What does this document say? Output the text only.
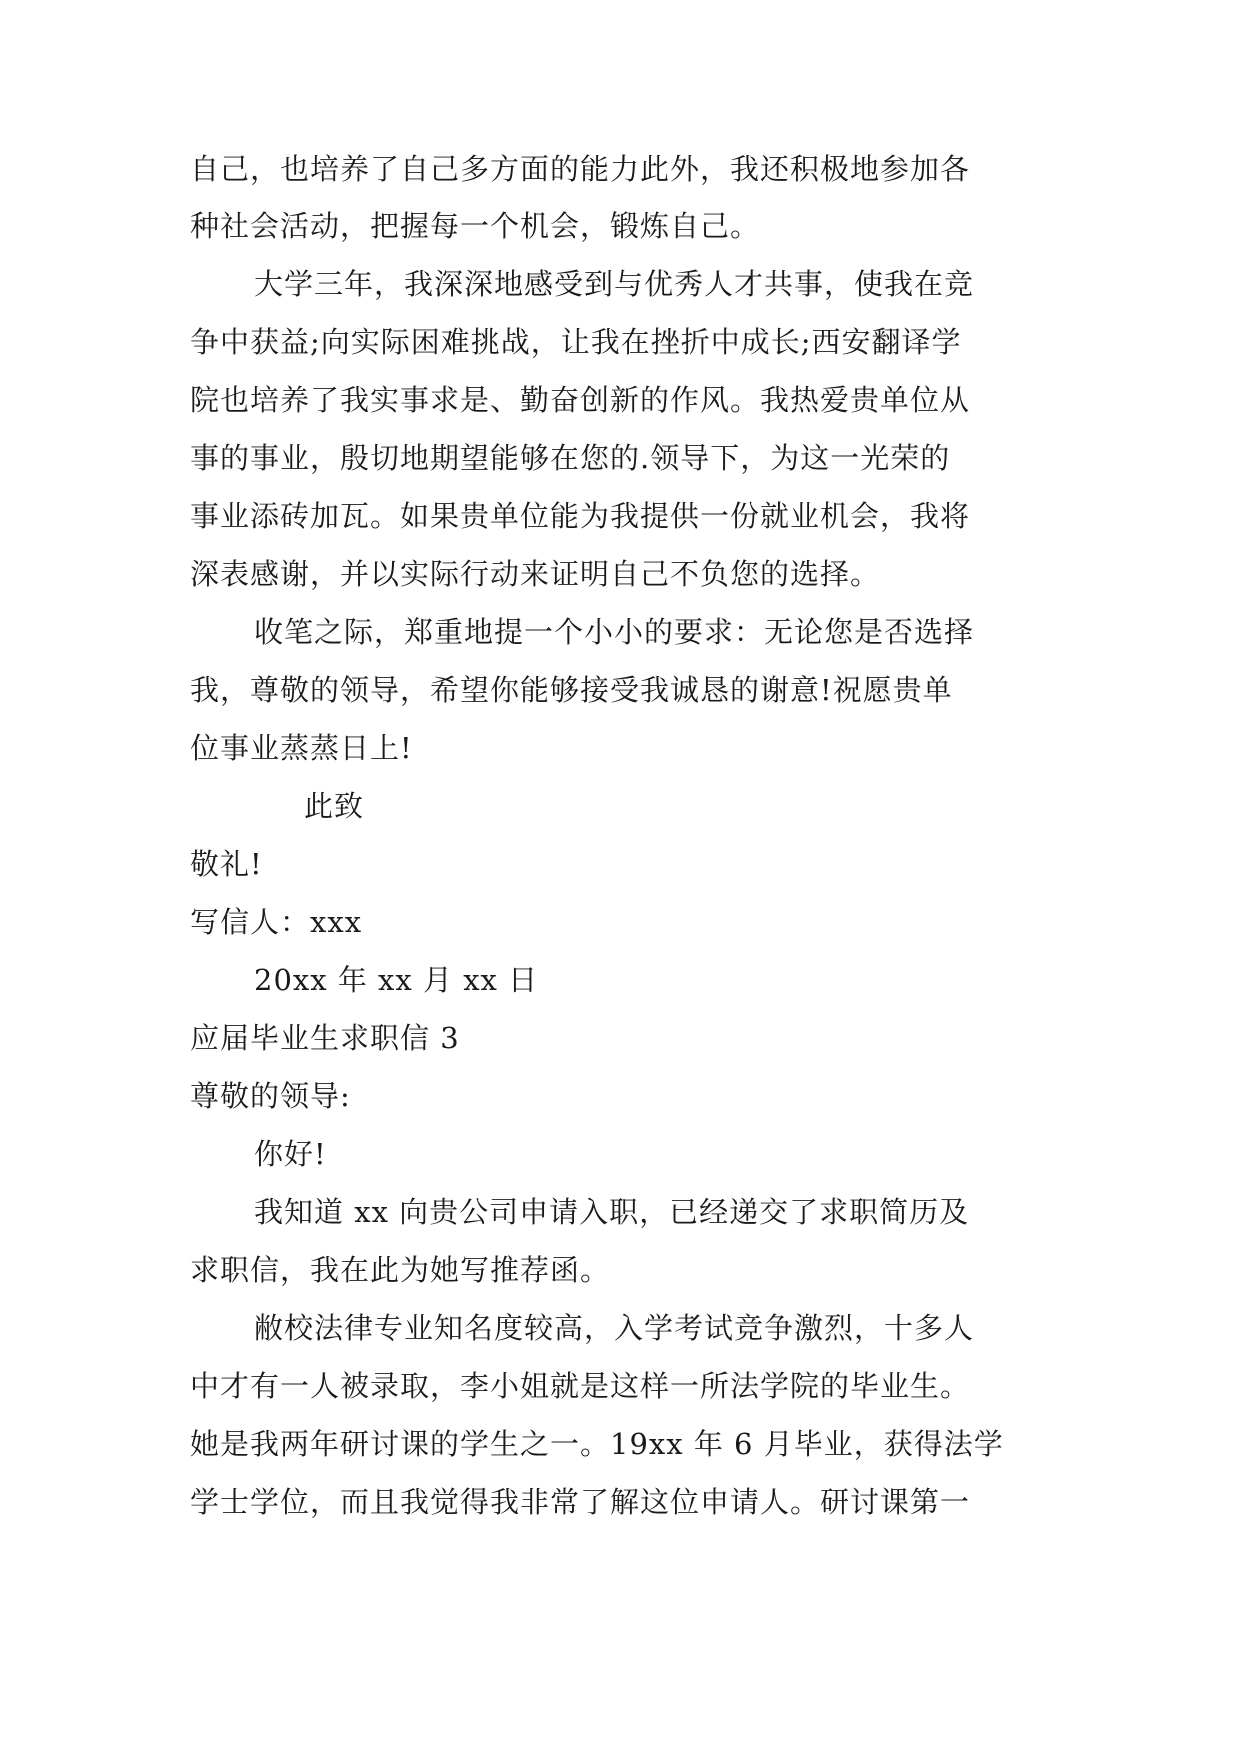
自己，也培养了自己多方面的能力此外，我还积极地参加各
种社会活动，把握每一个机会，锻炼自己。
大学三年，我深深地感受到与优秀人才共事，使我在竞
争中获益;向实际困难挑战，让我在挫折中成长;西安翻译学
院也培养了我实事求是、勤奋创新的作风。我热爱贵单位从
事的事业，殷切地期望能够在您的.领导下，为这一光荣的
事业添砖加瓦。如果贵单位能为我提供一份就业机会，我将
深表感谢，并以实际行动来证明自己不负您的选择。
收笔之际，郑重地提一个小小的要求：无论您是否选择
我，尊敬的领导，希望你能够接受我诚恳的谢意!祝愿贵单
位事业蒸蒸日上!
此致
敬礼!
写信人：xxx
20xx 年 xx 月 xx 日
应届毕业生求职信 3
尊敬的领导:
你好!
我知道 xx 向贵公司申请入职，已经递交了求职简历及
求职信，我在此为她写推荐函。
敝校法律专业知名度较高，入学考试竞争激烈，十多人
中才有一人被录取，李小姐就是这样一所法学院的毕业生。
她是我两年研讨课的学生之一。19xx 年 6 月毕业，获得法学
学士学位，而且我觉得我非常了解这位申请人。研讨课第一
